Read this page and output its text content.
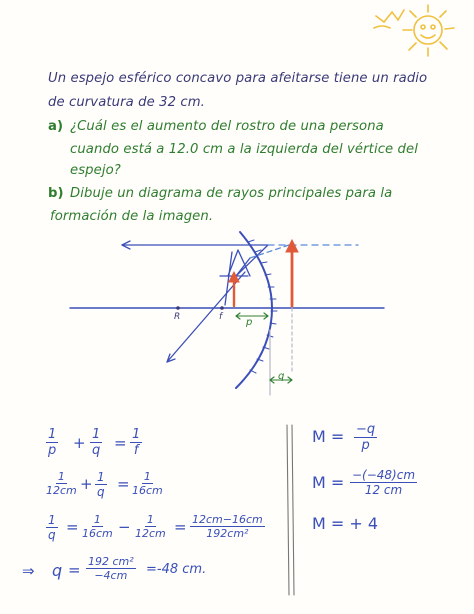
Un espejo esférico concavo para afeitarse tiene un radio
de curvatura de 32 cm.
a) ¿Cuál es el aumento del rostro de una persona
cuando está a 12.0 cm a la izquierda del vértice del
espejo?
b) Dibuje un diagrama de rayos principales para la
formación de la imagen.
R	f p
q
$\frac{1}{p} + \frac{1}{q} = \frac{1}{f}$
$\frac{1}{12cm} + \frac{1}{q} = \frac{1}{16cm}$
$\frac{1}{q} = \frac{1}{16cm} - \frac{1}{12cm} = \frac{12cm-16cm}{\text{192cm²}}$
⇒ $q = \frac{\text{192 cm²}}{-4cm} =-48$ cm.
$M = \frac{-q}{p}$
$M = \frac{-(-48)cm}{12 cm}$
M = + 4
